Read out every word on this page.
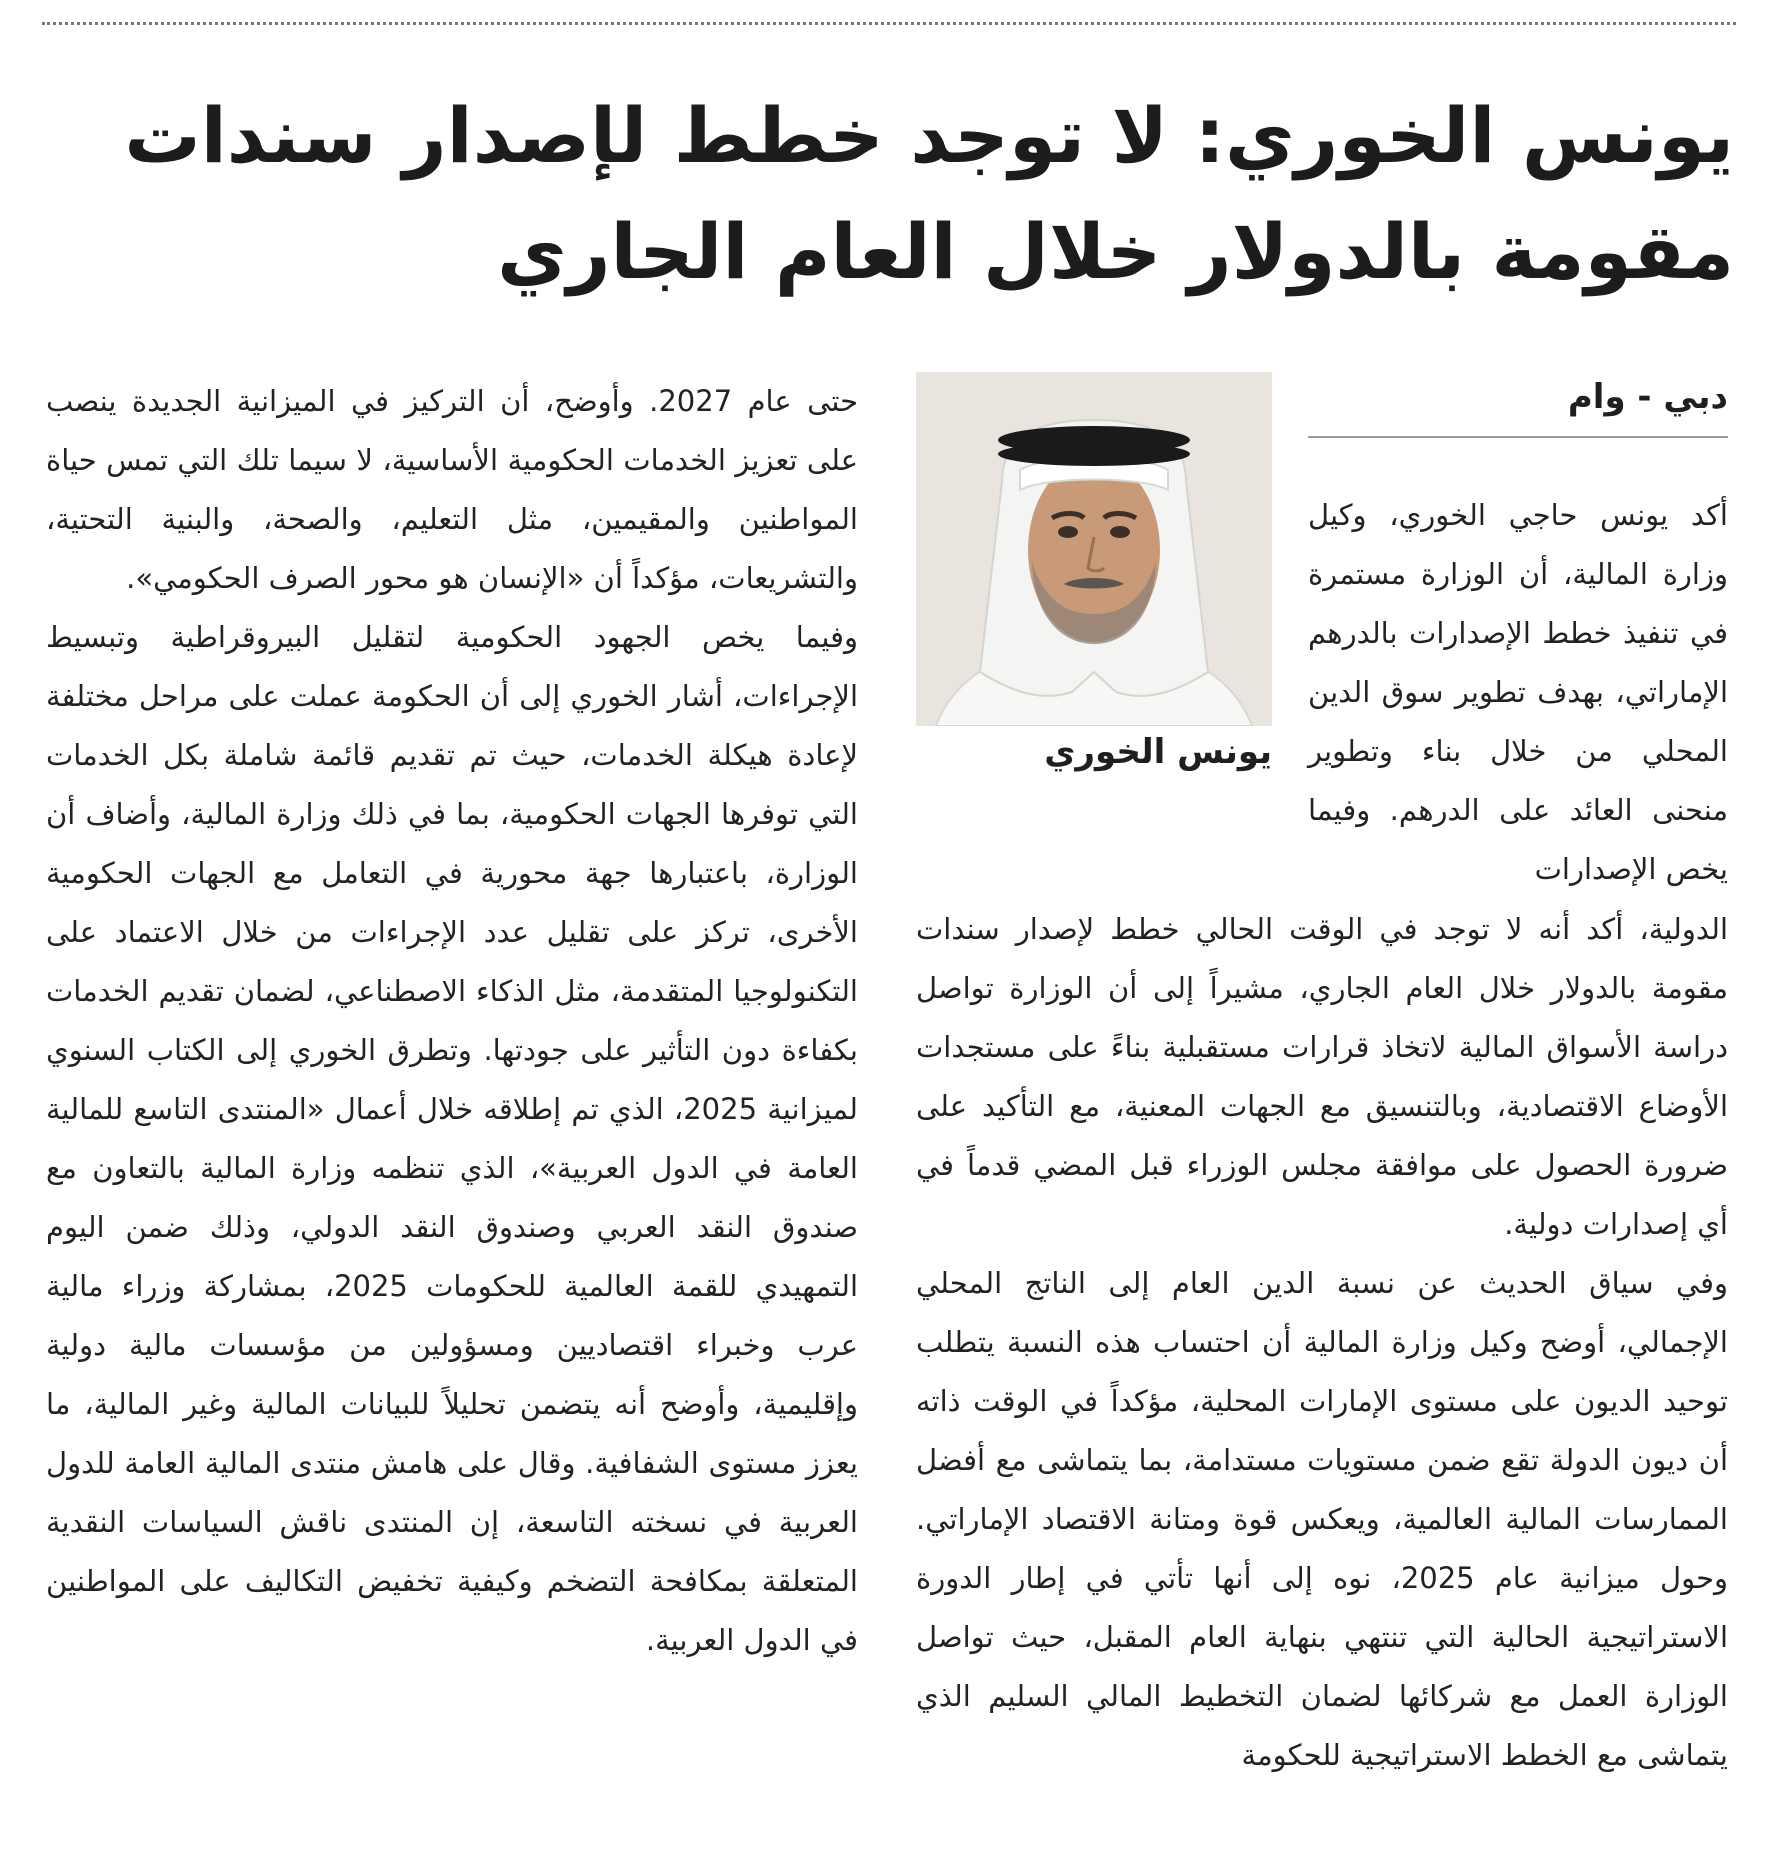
يونس الخوري: لا توجد خطط لإصدار سندات
مقومة بالدولار خلال العام الجاري
دبي - وام
يونس الخوري

أكد يونس حاجي الخوري، وكيل وزارة المالية، أن الوزارة مستمرة في تنفيذ خطط الإصدارات بالدرهم الإماراتي، بهدف تطوير سوق الدين المحلي من خلال بناء وتطوير منحنى العائد على الدرهم. وفيما يخص الإصدارات

الدولية، أكد أنه لا توجد في الوقت الحالي خطط لإصدار سندات مقومة بالدولار خلال العام الجاري، مشيراً إلى أن الوزارة تواصل دراسة الأسواق المالية لاتخاذ قرارات مستقبلية بناءً على مستجدات الأوضاع الاقتصادية، وبالتنسيق مع الجهات المعنية، مع التأكيد على ضرورة الحصول على موافقة مجلس الوزراء قبل المضي قدماً في أي إصدارات دولية.

وفي سياق الحديث عن نسبة الدين العام إلى الناتج المحلي الإجمالي، أوضح وكيل وزارة المالية أن احتساب هذه النسبة يتطلب توحيد الديون على مستوى الإمارات المحلية، مؤكداً في الوقت ذاته أن ديون الدولة تقع ضمن مستويات مستدامة، بما يتماشى مع أفضل الممارسات المالية العالمية، ويعكس قوة ومتانة الاقتصاد الإماراتي. وحول ميزانية عام 2025، نوه إلى أنها تأتي في إطار الدورة الاستراتيجية الحالية التي تنتهي بنهاية العام المقبل، حيث تواصل الوزارة العمل مع شركائها لضمان التخطيط المالي السليم الذي يتماشى مع الخطط الاستراتيجية للحكومة

حتى عام 2027. وأوضح، أن التركيز في الميزانية الجديدة ينصب على تعزيز الخدمات الحكومية الأساسية، لا سيما تلك التي تمس حياة المواطنين والمقيمين، مثل التعليم، والصحة، والبنية التحتية، والتشريعات، مؤكداً أن «الإنسان هو محور الصرف الحكومي».

وفيما يخص الجهود الحكومية لتقليل البيروقراطية وتبسيط الإجراءات، أشار الخوري إلى أن الحكومة عملت على مراحل مختلفة لإعادة هيكلة الخدمات، حيث تم تقديم قائمة شاملة بكل الخدمات التي توفرها الجهات الحكومية، بما في ذلك وزارة المالية، وأضاف أن الوزارة، باعتبارها جهة محورية في التعامل مع الجهات الحكومية الأخرى، تركز على تقليل عدد الإجراءات من خلال الاعتماد على التكنولوجيا المتقدمة، مثل الذكاء الاصطناعي، لضمان تقديم الخدمات بكفاءة دون التأثير على جودتها. وتطرق الخوري إلى الكتاب السنوي لميزانية 2025، الذي تم إطلاقه خلال أعمال «المنتدى التاسع للمالية العامة في الدول العربية»، الذي تنظمه وزارة المالية بالتعاون مع صندوق النقد العربي وصندوق النقد الدولي، وذلك ضمن اليوم التمهيدي للقمة العالمية للحكومات 2025، بمشاركة وزراء مالية عرب وخبراء اقتصاديين ومسؤولين من مؤسسات مالية دولية وإقليمية، وأوضح أنه يتضمن تحليلاً للبيانات المالية وغير المالية، ما يعزز مستوى الشفافية. وقال على هامش منتدى المالية العامة للدول العربية في نسخته التاسعة، إن المنتدى ناقش السياسات النقدية المتعلقة بمكافحة التضخم وكيفية تخفيض التكاليف على المواطنين في الدول العربية.
